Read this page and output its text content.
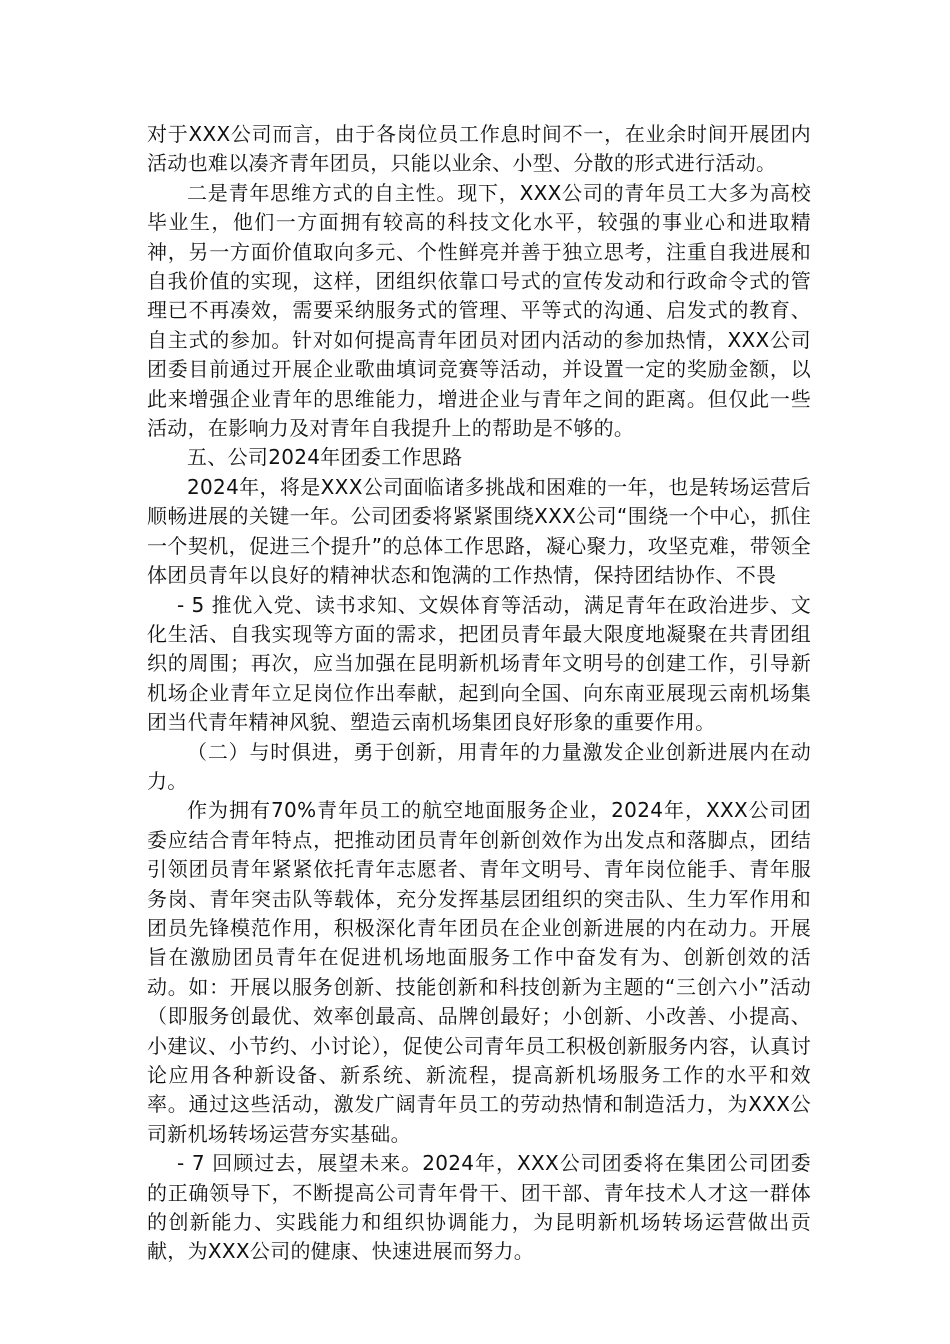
对于XXX公司而言，由于各岗位员工作息时间不一，在业余时间开展团内活动也难以凑齐青年团员，只能以业余、小型、分散的形式进行活动。

二是青年思维方式的自主性。现下，XXX公司的青年员工大多为高校毕业生，他们一方面拥有较高的科技文化水平，较强的事业心和进取精神，另一方面价值取向多元、个性鲜亮并善于独立思考，注重自我进展和自我价值的实现，这样，团组织依靠口号式的宣传发动和行政命令式的管理已不再凑效，需要采纳服务式的管理、平等式的沟通、启发式的教育、自主式的参加。针对如何提高青年团员对团内活动的参加热情，XXX公司团委目前通过开展企业歌曲填词竞赛等活动，并设置一定的奖励金额，以此来增强企业青年的思维能力，增进企业与青年之间的距离。但仅此一些活动，在影响力及对青年自我提升上的帮助是不够的。

五、公司2024年团委工作思路

2024年，将是XXX公司面临诸多挑战和困难的一年，也是转场运营后顺畅进展的关键一年。公司团委将紧紧围绕XXX公司“围绕一个中心，抓住一个契机，促进三个提升”的总体工作思路，凝心聚力，攻坚克难，带领全体团员青年以良好的精神状态和饱满的工作热情，保持团结协作、不畏

- 5 推优入党、读书求知、文娱体育等活动，满足青年在政治进步、文化生活、自我实现等方面的需求，把团员青年最大限度地凝聚在共青团组织的周围；再次，应当加强在昆明新机场青年文明号的创建工作，引导新机场企业青年立足岗位作出奉献，起到向全国、向东南亚展现云南机场集团当代青年精神风貌、塑造云南机场集团良好形象的重要作用。

（二）与时俱进，勇于创新，用青年的力量激发企业创新进展内在动力。

作为拥有70%青年员工的航空地面服务企业，2024年，XXX公司团委应结合青年特点，把推动团员青年创新创效作为出发点和落脚点，团结引领团员青年紧紧依托青年志愿者、青年文明号、青年岗位能手、青年服务岗、青年突击队等载体，充分发挥基层团组织的突击队、生力军作用和团员先锋模范作用，积极深化青年团员在企业创新进展的内在动力。开展旨在激励团员青年在促进机场地面服务工作中奋发有为、创新创效的活动。如：开展以服务创新、技能创新和科技创新为主题的“三创六小”活动（即服务创最优、效率创最高、品牌创最好；小创新、小改善、小提高、小建议、小节约、小讨论），促使公司青年员工积极创新服务内容，认真讨论应用各种新设备、新系统、新流程，提高新机场服务工作的水平和效率。通过这些活动，激发广阔青年员工的劳动热情和制造活力，为XXX公司新机场转场运营夯实基础。

- 7 回顾过去，展望未来。2024年，XXX公司团委将在集团公司团委的正确领导下，不断提高公司青年骨干、团干部、青年技术人才这一群体的创新能力、实践能力和组织协调能力，为昆明新机场转场运营做出贡献，为XXX公司的健康、快速进展而努力。
